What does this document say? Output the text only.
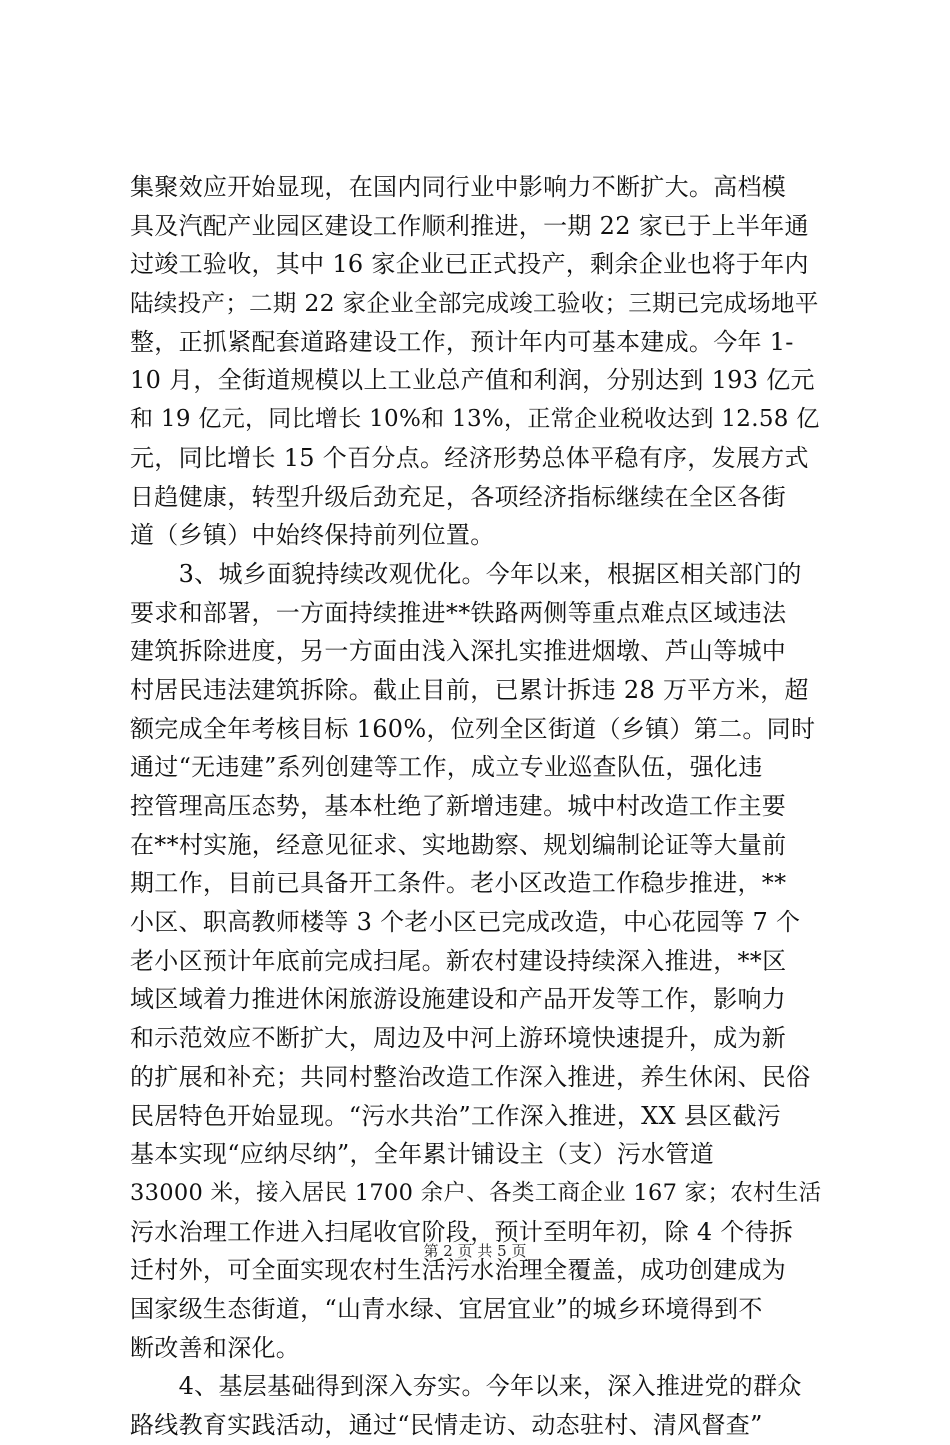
集聚效应开始显现，在国内同行业中影响力不断扩大。高档模
具及汽配产业园区建设工作顺利推进，一期 22 家已于上半年通
过竣工验收，其中 16 家企业已正式投产，剩余企业也将于年内
陆续投产；二期 22 家企业全部完成竣工验收；三期已完成场地平
整，正抓紧配套道路建设工作，预计年内可基本建成。今年 1-
10 月，全街道规模以上工业总产值和利润，分别达到 193 亿元
和 19 亿元，同比增长 10%和 13%，正常企业税收达到 12.58 亿
元，同比增长 15 个百分点。经济形势总体平稳有序，发展方式
日趋健康，转型升级后劲充足，各项经济指标继续在全区各街
道（乡镇）中始终保持前列位置。
　　3、城乡面貌持续改观优化。今年以来，根据区相关部门的
要求和部署，一方面持续推进**铁路两侧等重点难点区域违法
建筑拆除进度，另一方面由浅入深扎实推进烟墩、芦山等城中
村居民违法建筑拆除。截止目前，已累计拆违 28 万平方米，超
额完成全年考核目标 160%，位列全区街道（乡镇）第二。同时
通过“无违建”系列创建等工作，成立专业巡查队伍，强化违
控管理高压态势，基本杜绝了新增违建。城中村改造工作主要
在**村实施，经意见征求、实地勘察、规划编制论证等大量前
期工作，目前已具备开工条件。老小区改造工作稳步推进，**
小区、职高教师楼等 3 个老小区已完成改造，中心花园等 7 个
老小区预计年底前完成扫尾。新农村建设持续深入推进，**区
域区域着力推进休闲旅游设施建设和产品开发等工作，影响力
和示范效应不断扩大，周边及中河上游环境快速提升，成为新
的扩展和补充；共同村整治改造工作深入推进，养生休闲、民俗
民居特色开始显现。“污水共治”工作深入推进，XX 县区截污
基本实现“应纳尽纳”，全年累计铺设主（支）污水管道
33000 米，接入居民 1700 余户、各类工商企业 167 家；农村生活
污水治理工作进入扫尾收官阶段，预计至明年初，除 4 个待拆
迁村外，可全面实现农村生活污水治理全覆盖，成功创建成为
国家级生态街道，“山青水绿、宜居宜业”的城乡环境得到不
断改善和深化。
　　4、基层基础得到深入夯实。今年以来，深入推进党的群众
路线教育实践活动，通过“民情走访、动态驻村、清风督查”
第 2 页 共 5 页
